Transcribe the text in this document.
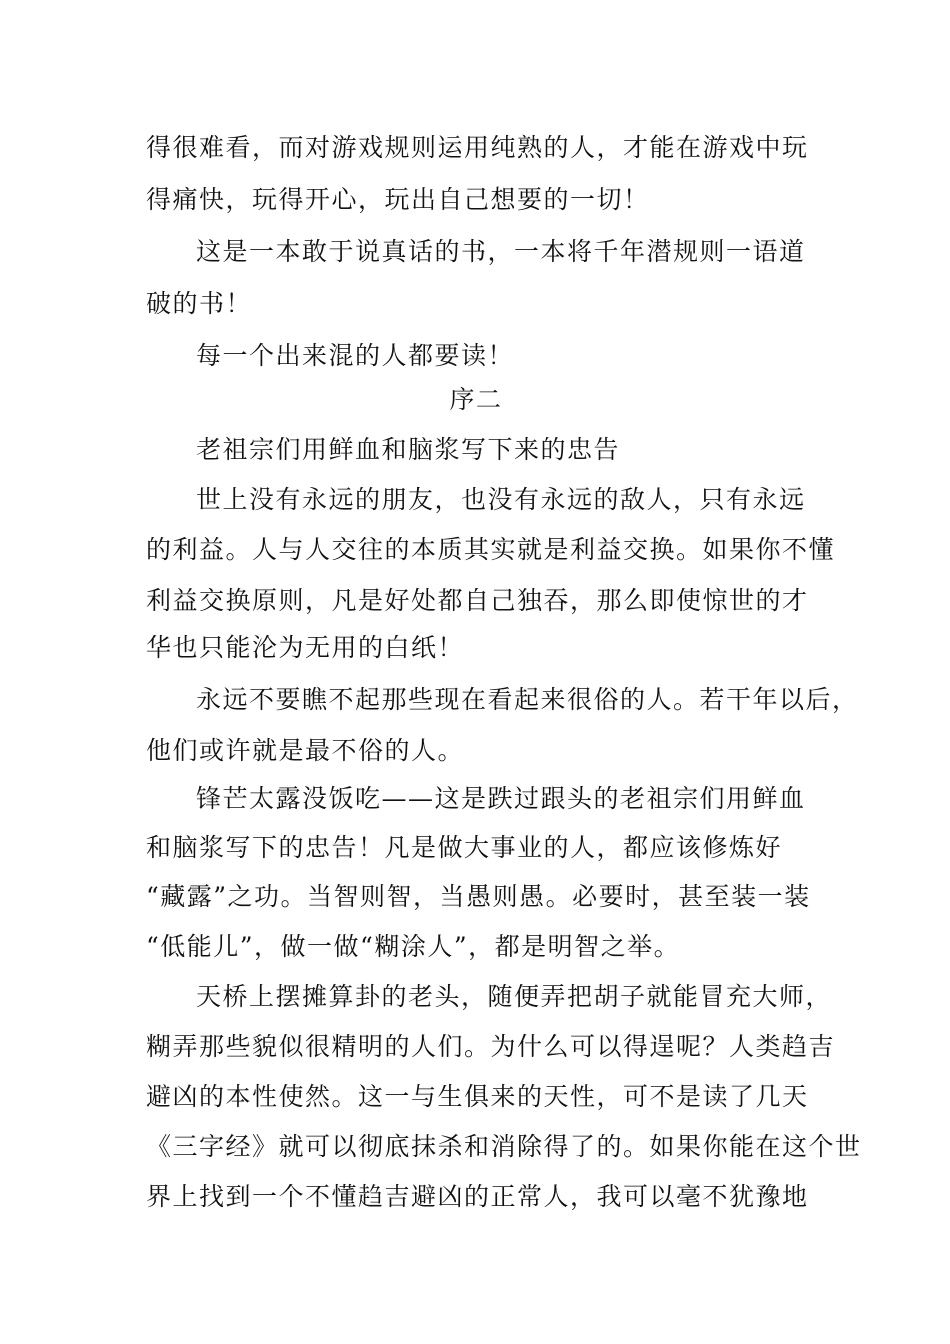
得很难看，而对游戏规则运用纯熟的人，才能在游戏中玩
得痛快，玩得开心，玩出自己想要的一切！
这是一本敢于说真话的书，一本将千年潜规则一语道
破的书！
每一个出来混的人都要读！
序二
老祖宗们用鲜血和脑浆写下来的忠告
世上没有永远的朋友，也没有永远的敌人，只有永远
的利益。人与人交往的本质其实就是利益交换。如果你不懂
利益交换原则，凡是好处都自己独吞，那么即使惊世的才
华也只能沦为无用的白纸！
永远不要瞧不起那些现在看起来很俗的人。若干年以后，
他们或许就是最不俗的人。
锋芒太露没饭吃——这是跌过跟头的老祖宗们用鲜血
和脑浆写下的忠告！凡是做大事业的人，都应该修炼好
“藏露”之功。当智则智，当愚则愚。必要时，甚至装一装
“低能儿”，做一做“糊涂人”，都是明智之举。
天桥上摆摊算卦的老头，随便弄把胡子就能冒充大师，
糊弄那些貌似很精明的人们。为什么可以得逞呢？人类趋吉
避凶的本性使然。这一与生俱来的天性，可不是读了几天
《三字经》就可以彻底抹杀和消除得了的。如果你能在这个世
界上找到一个不懂趋吉避凶的正常人，我可以毫不犹豫地
